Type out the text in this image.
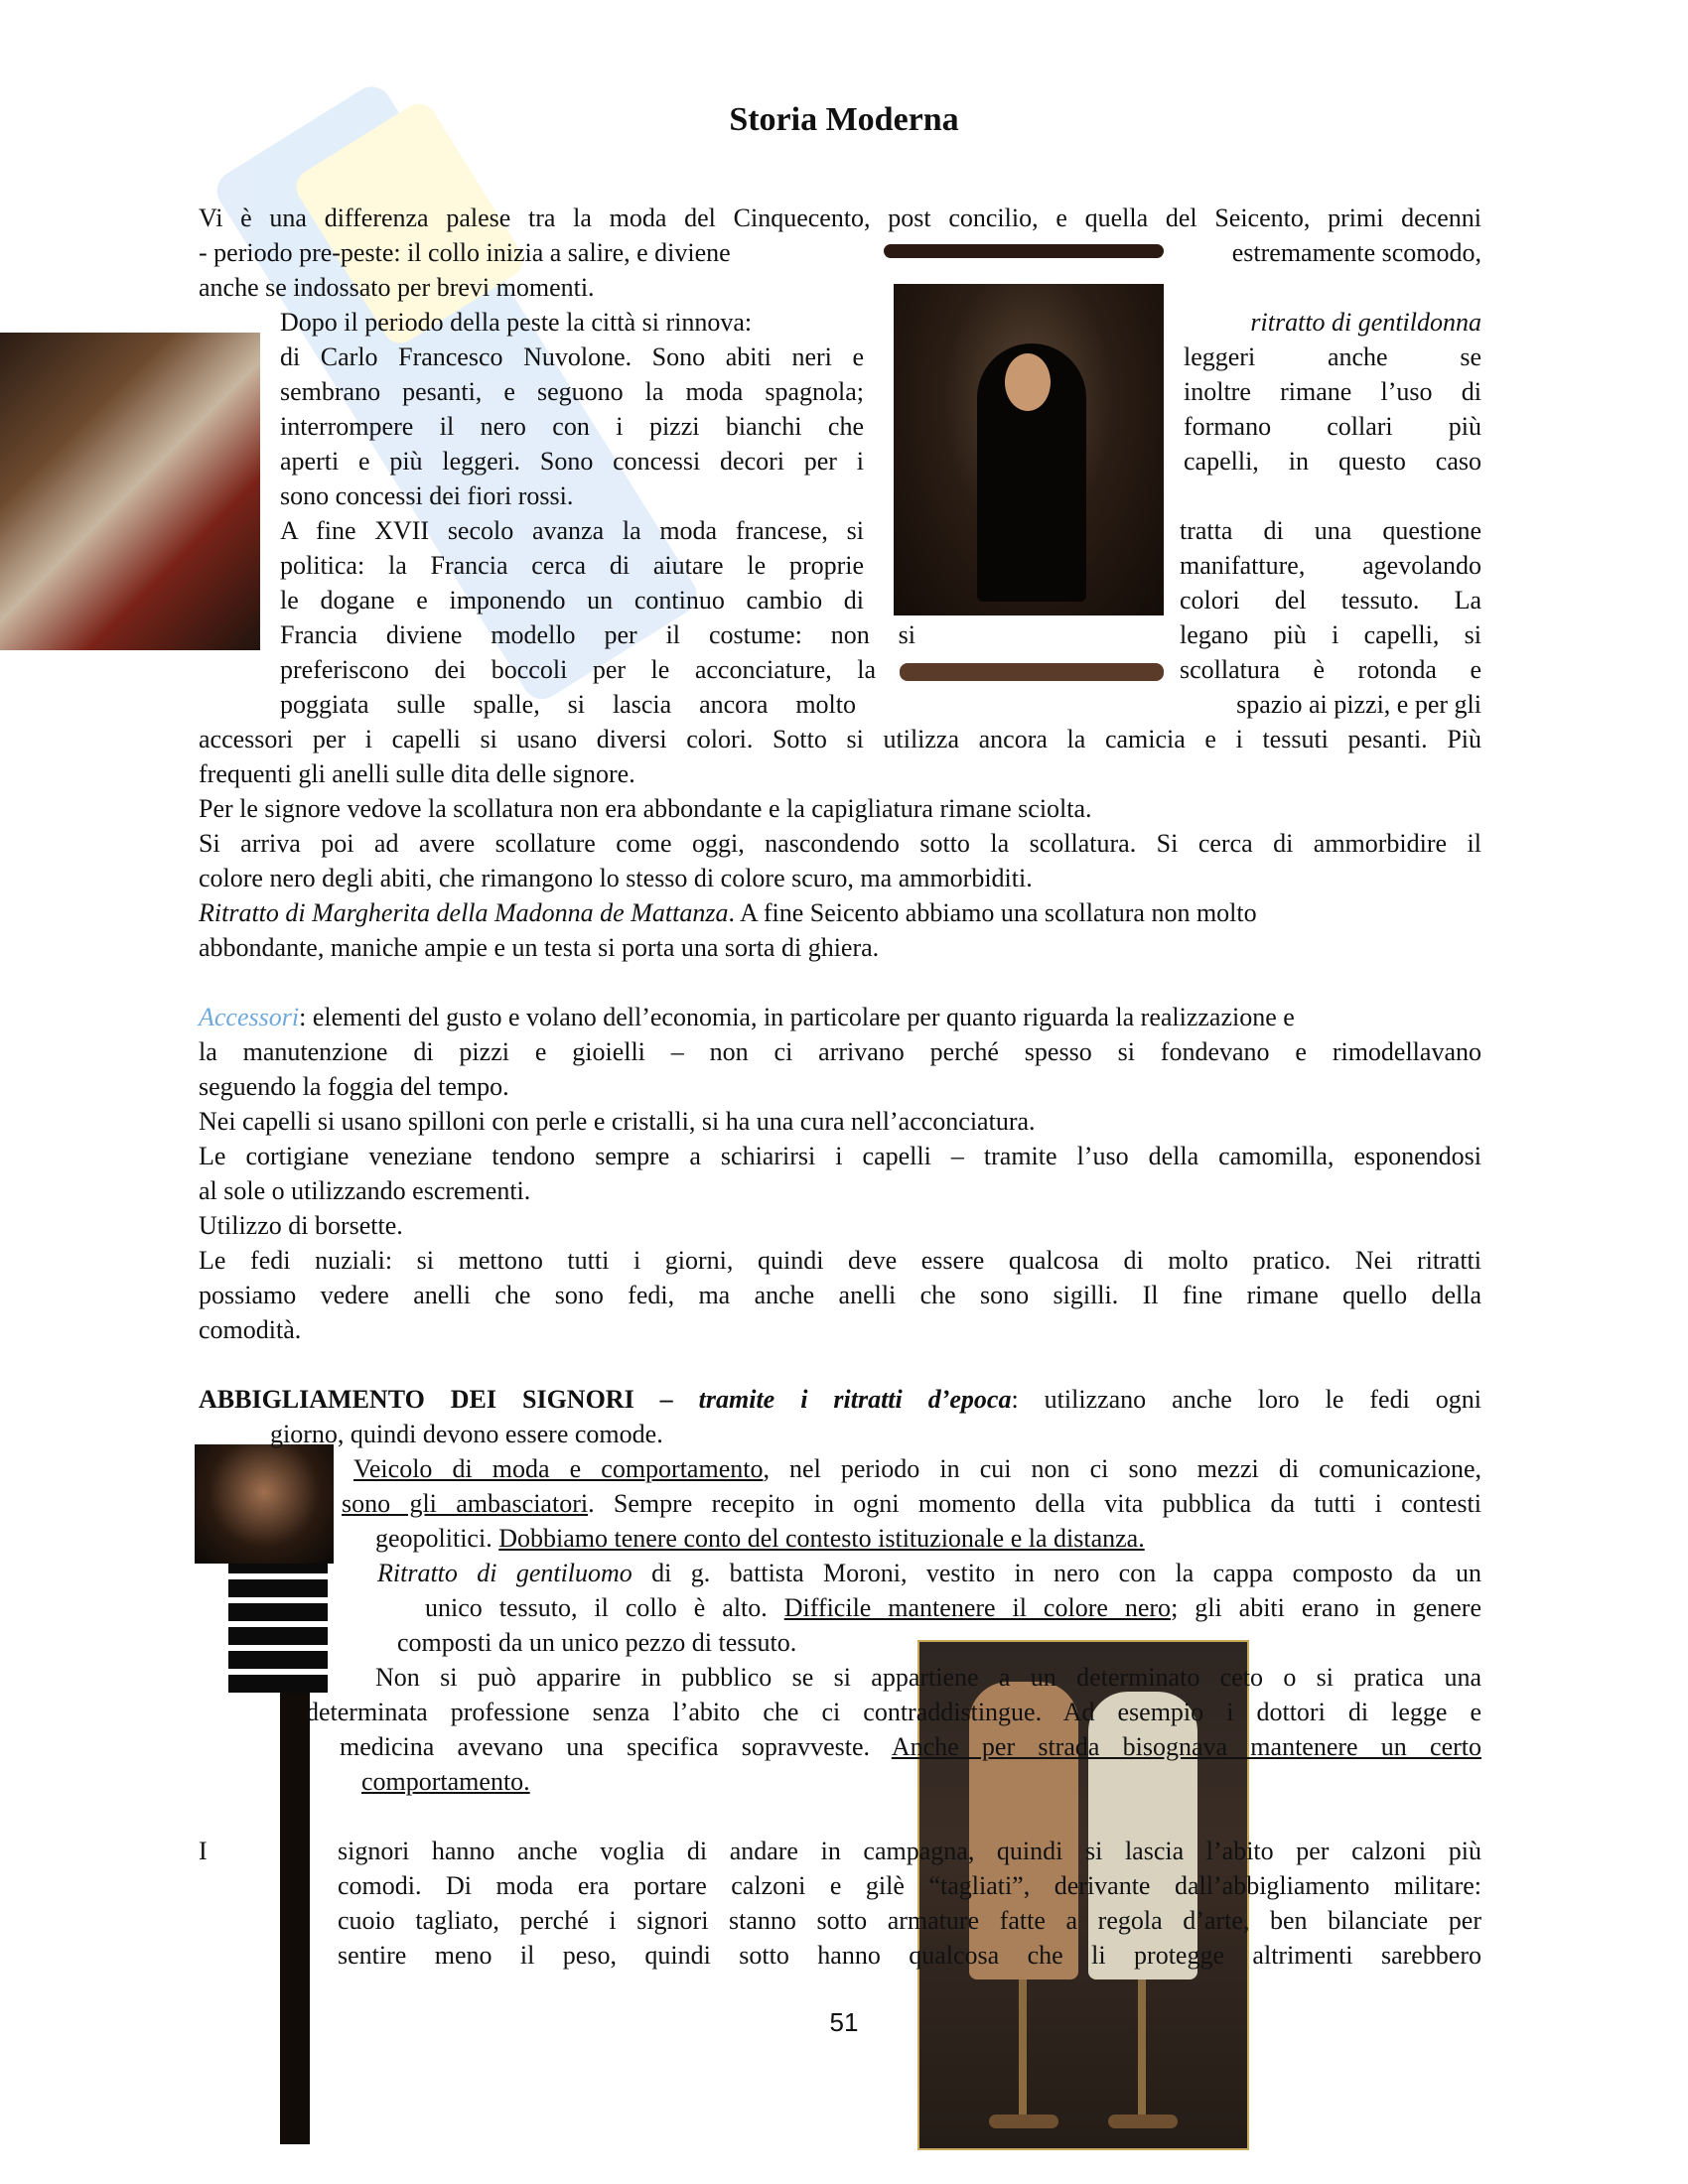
Storia Moderna
Vi è una differenza palese tra la moda del Cinquecento, post concilio, e quella del Seicento, primi decenni
- periodo pre-peste: il collo inizia a salire, e diviene	estremamente scomodo,
anche se indossato per brevi momenti.
Dopo il periodo della peste la città si rinnova:	ritratto di gentildonna
di Carlo Francesco Nuvolone. Sono abiti neri e	leggeri anche se
sembrano pesanti, e seguono la moda spagnola;	inoltre rimane l’uso di
interrompere il nero con i pizzi bianchi che	formano collari più
aperti e più leggeri. Sono concessi decori per i	capelli, in questo caso
sono concessi dei fiori rossi.
A fine XVII secolo avanza la moda francese, si	tratta di una questione
politica: la Francia cerca di aiutare le proprie	manifatture, agevolando
le dogane e imponendo un continuo cambio di	colori del tessuto. La
Francia diviene modello per il costume: non si	legano più i capelli, si
preferiscono dei boccoli per le acconciature, la	scollatura è rotonda e
poggiata sulle spalle, si lascia ancora molto	spazio ai pizzi, e per gli
accessori per i capelli si usano diversi colori. Sotto si utilizza ancora la camicia e i tessuti pesanti. Più
frequenti gli anelli sulle dita delle signore.
Per le signore vedove la scollatura non era abbondante e la capigliatura rimane sciolta.
Si arriva poi ad avere scollature come oggi, nascondendo sotto la scollatura. Si cerca di ammorbidire il
colore nero degli abiti, che rimangono lo stesso di colore scuro, ma ammorbiditi.
Ritratto di Margherita della Madonna de Mattanza. A fine Seicento abbiamo una scollatura non molto
abbondante, maniche ampie e un testa si porta una sorta di ghiera.
Accessori: elementi del gusto e volano dell’economia, in particolare per quanto riguarda la realizzazione e
la manutenzione di pizzi e gioielli – non ci arrivano perché spesso si fondevano e rimodellavano
seguendo la foggia del tempo.
Nei capelli si usano spilloni con perle e cristalli, si ha una cura nell’acconciatura.
Le cortigiane veneziane tendono sempre a schiarirsi i capelli – tramite l’uso della camomilla, esponendosi
al sole o utilizzando escrementi.
Utilizzo di borsette.
Le fedi nuziali: si mettono tutti i giorni, quindi deve essere qualcosa di molto pratico. Nei ritratti
possiamo vedere anelli che sono fedi, ma anche anelli che sono sigilli. Il fine rimane quello della
comodità.
ABBIGLIAMENTO DEI SIGNORI – tramite i ritratti d’epoca: utilizzano anche loro le fedi ogni
giorno, quindi devono essere comode.
Veicolo di moda e comportamento, nel periodo in cui non ci sono mezzi di comunicazione,
sono gli ambasciatori. Sempre recepito in ogni momento della vita pubblica da tutti i contesti
geopolitici. Dobbiamo tenere conto del contesto istituzionale e la distanza.
Ritratto di gentiluomo di g. battista Moroni, vestito in nero con la cappa composto da un
unico tessuto, il collo è alto. Difficile mantenere il colore nero; gli abiti erano in genere
composti da un unico pezzo di tessuto.
Non si può apparire in pubblico se si appartiene a un determinato ceto o si pratica una
determinata professione senza l’abito che ci contraddistingue. Ad esempio i dottori di legge e
medicina avevano una specifica sopravveste. Anche per strada bisognava mantenere un certo
comportamento.
I	signori hanno anche voglia di andare in campagna, quindi si lascia l’abito per calzoni più
comodi. Di moda era portare calzoni e gilè “tagliati”, derivante dall’abbigliamento militare:
cuoio tagliato, perché i signori stanno sotto armature fatte a regola d’arte, ben bilanciate per
sentire meno il peso, quindi sotto hanno qualcosa che li protegge altrimenti sarebbero
51
